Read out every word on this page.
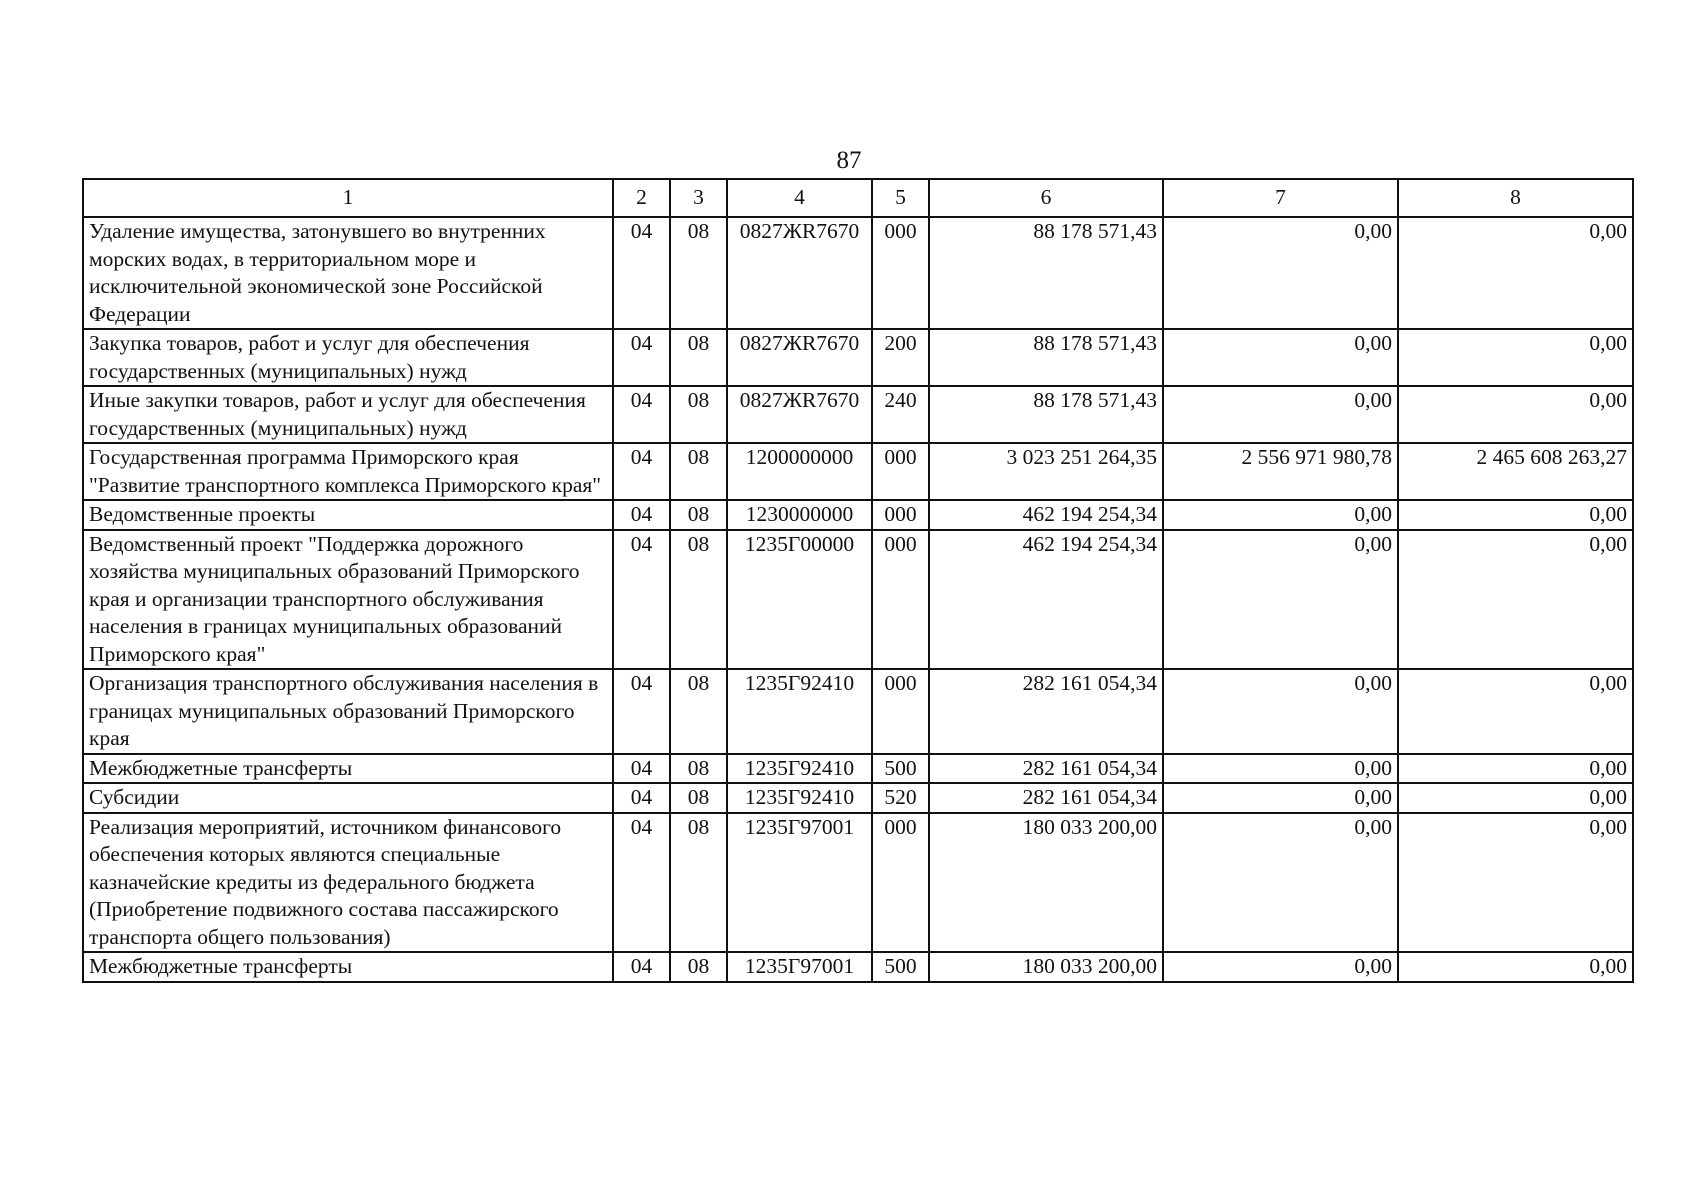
87
1	2	3	4	5	6	7	8
Удаление имущества, затонувшего во внутренних морских водах, в территориальном море и исключительной экономической зоне Российской Федерации	04	08	0827ЖR7670	000	88 178 571,43	0,00	0,00
Закупка товаров, работ и услуг для обеспечения государственных (муниципальных) нужд	04	08	0827ЖR7670	200	88 178 571,43	0,00	0,00
Иные закупки товаров, работ и услуг для обеспечения государственных (муниципальных) нужд	04	08	0827ЖR7670	240	88 178 571,43	0,00	0,00
Государственная программа Приморского края "Развитие транспортного комплекса Приморского края"	04	08	1200000000	000	3 023 251 264,35	2 556 971 980,78	2 465 608 263,27
Ведомственные проекты	04	08	1230000000	000	462 194 254,34	0,00	0,00
Ведомственный проект "Поддержка дорожного хозяйства муниципальных образований Приморского края и организации транспортного обслуживания населения в границах муниципальных образований Приморского края"	04	08	1235Г00000	000	462 194 254,34	0,00	0,00
Организация транспортного обслуживания населения в границах муниципальных образований Приморского края	04	08	1235Г92410	000	282 161 054,34	0,00	0,00
Межбюджетные трансферты	04	08	1235Г92410	500	282 161 054,34	0,00	0,00
Субсидии	04	08	1235Г92410	520	282 161 054,34	0,00	0,00
Реализация мероприятий, источником финансового обеспечения которых являются специальные казначейские кредиты из федерального бюджета (Приобретение подвижного состава пассажирского транспорта общего пользования)	04	08	1235Г97001	000	180 033 200,00	0,00	0,00
Межбюджетные трансферты	04	08	1235Г97001	500	180 033 200,00	0,00	0,00
